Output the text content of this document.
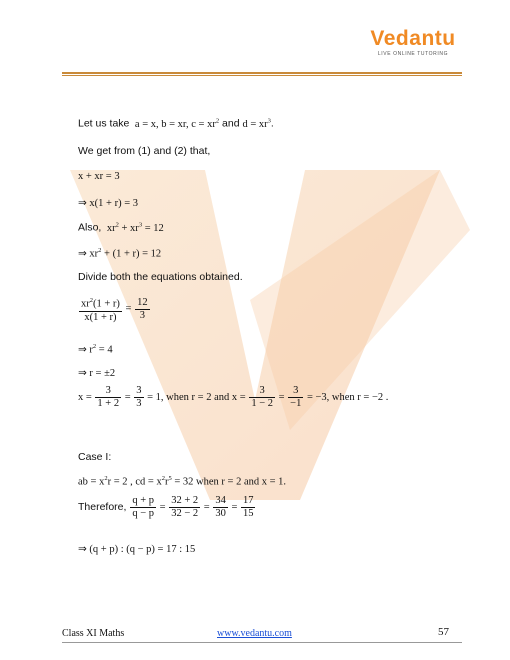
Vedantu
LIVE ONLINE TUTORING
Let us take a = x, b = xr, $c = xr^2$ and $d = xr^3$.
We get from (1) and (2) that,
x + xr = 3
⇒ x(1 + r) = 3
Also, $xr^2 + xr^3 = 12$
⇒ $xr^2 + (1 + r) = 12$
Divide both the equations obtained.
$\frac{xr^2(1 + r)}{x(1 + r)} = \frac{12}{3}$
⇒ $r^2 = 4$
⇒ r = ±2
$x = \frac{3}{1 + 2} = \frac{3}{3} = 1$, when r = 2 and $x = \frac{3}{1 - 2} = \frac{3}{-1} = -3$, when r = −2 .
Case I:
ab = $x^2r = 2$ , cd = $x^2r^5 = 32$ when r = 2 and x = 1.
Therefore, $\frac{q + p}{q - p} = \frac{32 + 2}{32 - 2} = \frac{34}{30} = \frac{17}{15}$
⇒ (q + p) : (q − p) = 17 : 15
Class XI Maths	www.vedantu.com	57
